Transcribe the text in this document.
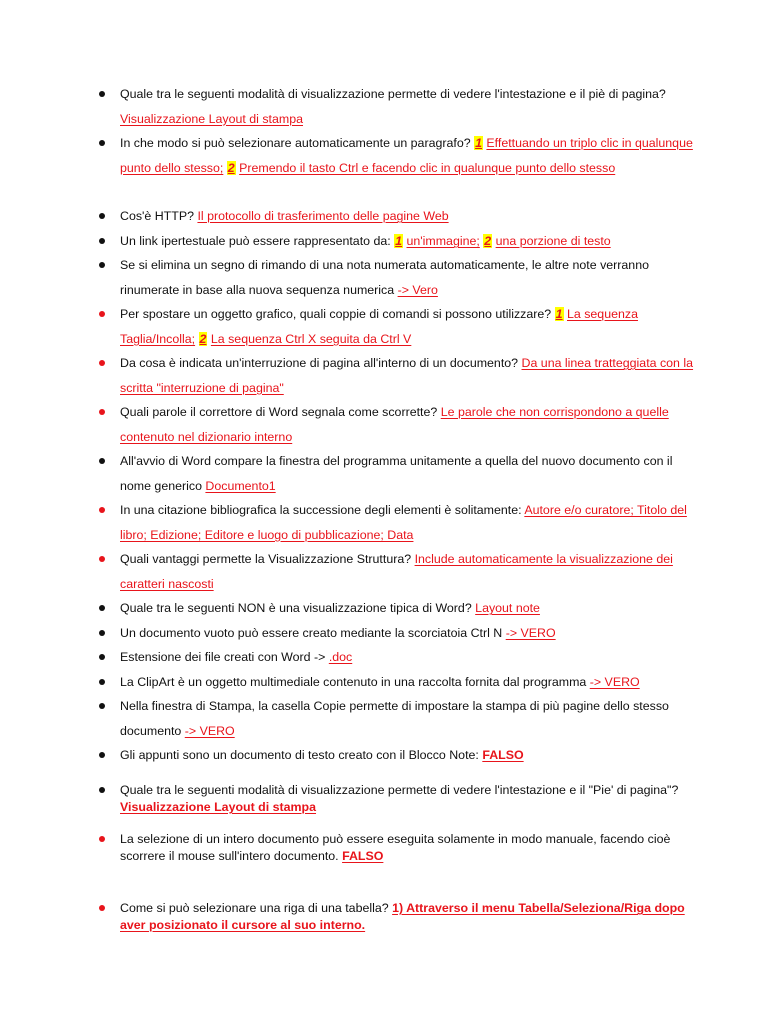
Quale tra le seguenti modalità di visualizzazione permette di vedere l'intestazione e il piè di pagina? Visualizzazione Layout di stampa
In che modo si può selezionare automaticamente un paragrafo? 1 Effettuando un triplo clic in qualunque punto dello stesso; 2 Premendo il tasto Ctrl e facendo clic in qualunque punto dello stesso
Cos'è HTTP? Il protocollo di trasferimento delle pagine Web
Un link ipertestuale può essere rappresentato da: 1 un'immagine; 2 una porzione di testo
Se si elimina un segno di rimando di una nota numerata automaticamente, le altre note verranno rinumerate in base alla nuova sequenza numerica -> Vero
Per spostare un oggetto grafico, quali coppie di comandi si possono utilizzare? 1 La sequenza Taglia/Incolla; 2 La sequenza Ctrl X seguita da Ctrl V
Da cosa è indicata un'interruzione di pagina all'interno di un documento? Da una linea tratteggiata con la scritta "interruzione di pagina"
Quali parole il correttore di Word segnala come scorrette? Le parole che non corrispondono a quelle contenuto nel dizionario interno
All'avvio di Word compare la finestra del programma unitamente a quella del nuovo documento con il nome generico Documento1
In una citazione bibliografica la successione degli elementi è solitamente: Autore e/o curatore; Titolo del libro; Edizione; Editore e luogo di pubblicazione; Data
Quali vantaggi permette la Visualizzazione Struttura? Include automaticamente la visualizzazione dei caratteri nascosti
Quale tra le seguenti NON è una visualizzazione tipica di Word? Layout note
Un documento vuoto può essere creato mediante la scorciatoia Ctrl N -> VERO
Estensione dei file creati con Word -> .doc
La ClipArt è un oggetto multimediale contenuto in una raccolta fornita dal programma -> VERO
Nella finestra di Stampa, la casella Copie permette di impostare la stampa di più pagine dello stesso documento -> VERO
Gli appunti sono un documento di testo creato con il Blocco Note: FALSO
Quale tra le seguenti modalità di visualizzazione permette di vedere l'intestazione e il "Pie' di pagina"? Visualizzazione Layout di stampa
La selezione di un intero documento può essere eseguita solamente in modo manuale, facendo cioè scorrere il mouse sull'intero documento. FALSO
Come si può selezionare una riga di una tabella? 1) Attraverso il menu Tabella/Seleziona/Riga dopo aver posizionato il cursore al suo interno.
